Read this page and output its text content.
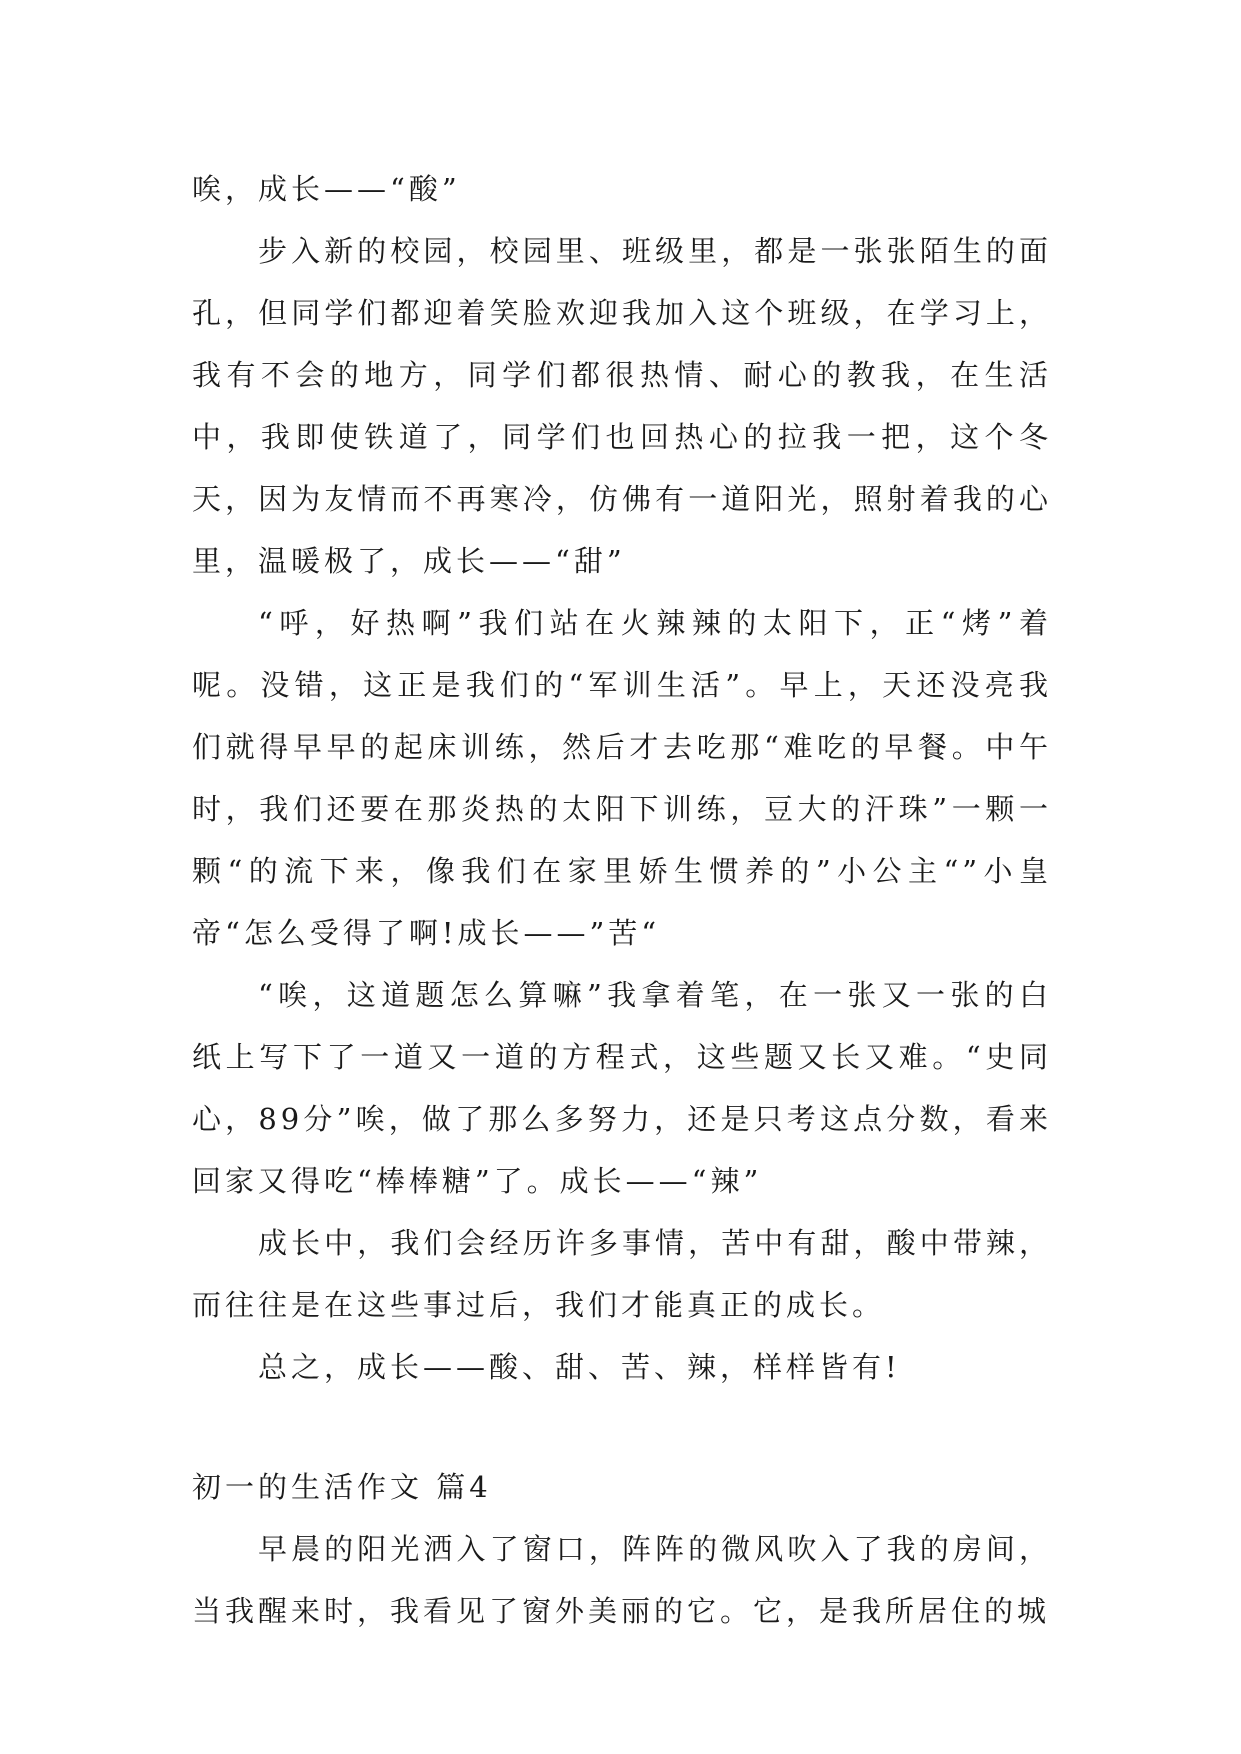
唉，成长——“酸”

步入新的校园，校园里、班级里，都是一张张陌生的面孔，但同学们都迎着笑脸欢迎我加入这个班级，在学习上，我有不会的地方，同学们都很热情、耐心的教我，在生活中，我即使铁道了，同学们也回热心的拉我一把，这个冬天，因为友情而不再寒冷，仿佛有一道阳光，照射着我的心里，温暖极了，成长——“甜”

“呼，好热啊”我们站在火辣辣的太阳下，正“烤”着呢。没错，这正是我们的“军训生活”。早上，天还没亮我们就得早早的起床训练，然后才去吃那“难吃的早餐。中午时，我们还要在那炎热的太阳下训练，豆大的汗珠”一颗一颗“的流下来，像我们在家里娇生惯养的”小公主“”小皇帝“怎么受得了啊!成长——”苦“

“唉，这道题怎么算嘛”我拿着笔，在一张又一张的白纸上写下了一道又一道的方程式，这些题又长又难。“史同心，89分”唉，做了那么多努力，还是只考这点分数，看来回家又得吃“棒棒糖”了。成长——“辣”

成长中，我们会经历许多事情，苦中有甜，酸中带辣，而往往是在这些事过后，我们才能真正的成长。

总之，成长——酸、甜、苦、辣，样样皆有!

初一的生活作文 篇4

早晨的阳光洒入了窗口，阵阵的微风吹入了我的房间，当我醒来时，我看见了窗外美丽的它。它，是我所居住的城
